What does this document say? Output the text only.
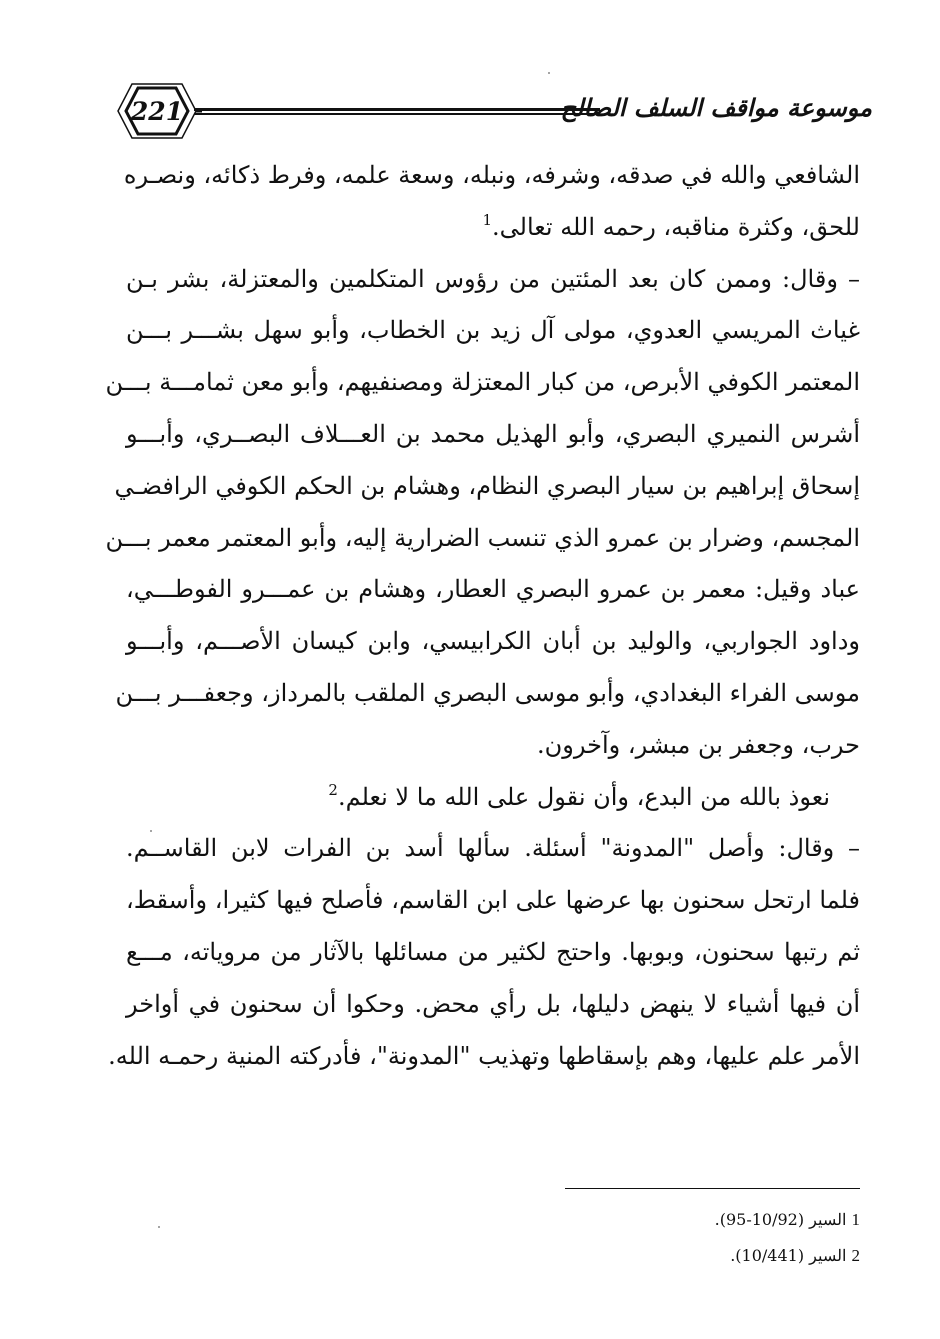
221	موسوعة مواقف السلف الصالح
الشافعي والله في صدقه، وشرفه، ونبله، وسعة علمه، وفرط ذكائه، ونصـره
للحق، وكثرة مناقبه، رحمه الله تعالى.$^1$
– وقال: وممن كان بعد المئتين من رؤوس المتكلمين والمعتزلة، بشر بـن
غياث المريسي العدوي، مولى آل زيد بن الخطاب، وأبو سهل بشـــر بـــن
المعتمر الكوفي الأبرص، من كبار المعتزلة ومصنفيهم، وأبو معن ثمامـــة بـــن
أشرس النميري البصري، وأبو الهذيل محمد بن العـــلاف البصــري، وأبـــو
إسحاق إبراهيم بن سيار البصري النظام، وهشام بن الحكم الكوفي الرافضـي
المجسم، وضرار بن عمرو الذي تنسب الضرارية إليه، وأبو المعتمر معمر بـــن
عباد وقيل: معمر بن عمرو البصري العطار، وهشام بن عمـــرو الفوطـــي،
وداود الجواربي، والوليد بن أبان الكرابيسي، وابن كيسان الأصـــم، وأبـــو
موسى الفراء البغدادي، وأبو موسى البصري الملقب بالمرداز، وجعفـــر بـــن
حرب، وجعفر بن مبشر، وآخرون.
نعوذ بالله من البدع، وأن نقول على الله ما لا نعلم.$^2$
– وقال: وأصل "المدونة" أسئلة. سألها أسد بن الفرات لابن القاســم.
فلما ارتحل سحنون بها عرضها على ابن القاسم، فأصلح فيها كثيرا، وأسقط،
ثم رتبها سحنون، وبوبها. واحتج لكثير من مسائلها بالآثار من مروياته، مـــع
أن فيها أشياء لا ينهض دليلها، بل رأي محض. وحكوا أن سحنون في أواخر
الأمر علم عليها، وهم بإسقاطها وتهذيب "المدونة"، فأدركته المنية رحمـه الله.
1 السير (10/92-95).
2 السير (10/441).
